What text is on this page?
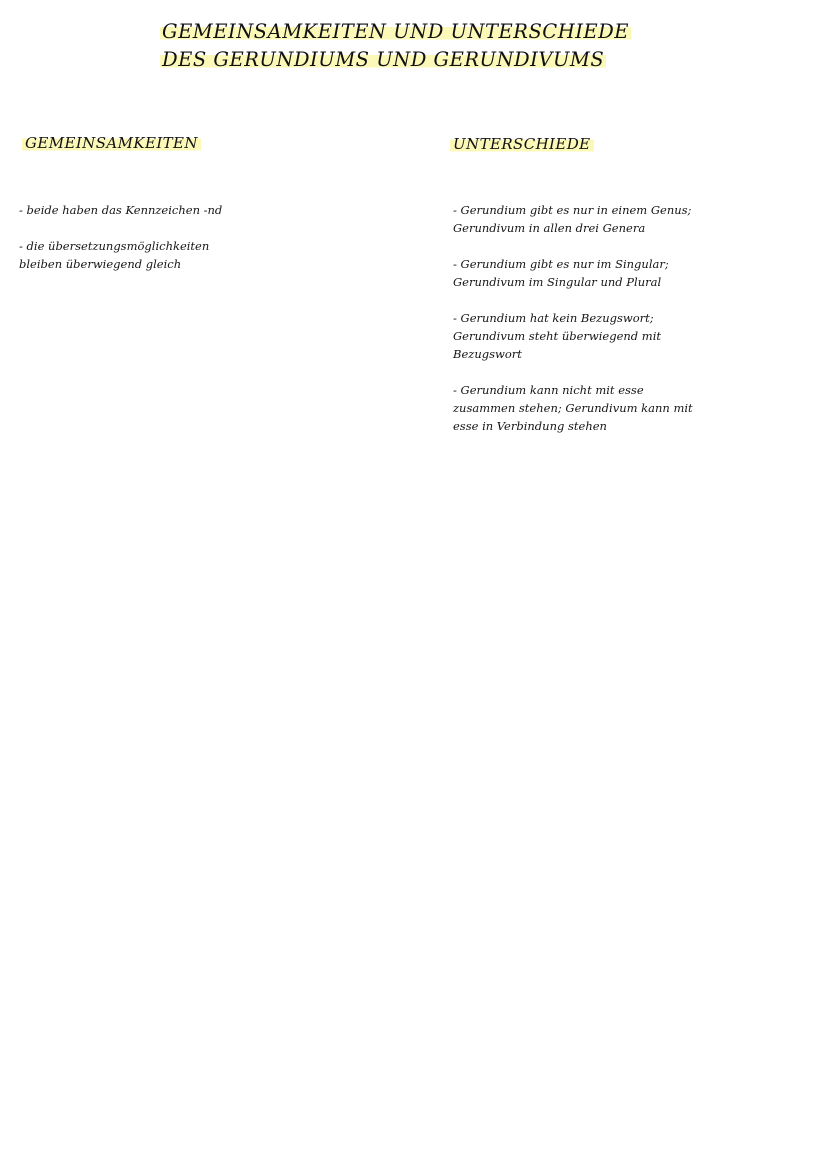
GEMEINSAMKEITEN UND UNTERSCHIEDE
DES GERUNDIUMS UND GERUNDIVUMS
GEMEINSAMKEITEN	UNTERSCHIEDE
- beide haben das Kennzeichen -nd
- die übersetzungsmöglichkeiten
bleiben überwiegend gleich
- Gerundium gibt es nur in einem Genus;
Gerundivum in allen drei Genera
- Gerundium gibt es nur im Singular;
Gerundivum im Singular und Plural
- Gerundium hat kein Bezugswort;
Gerundivum steht überwiegend mit
Bezugswort
- Gerundium kann nicht mit esse
zusammen stehen; Gerundivum kann mit
esse in Verbindung stehen
